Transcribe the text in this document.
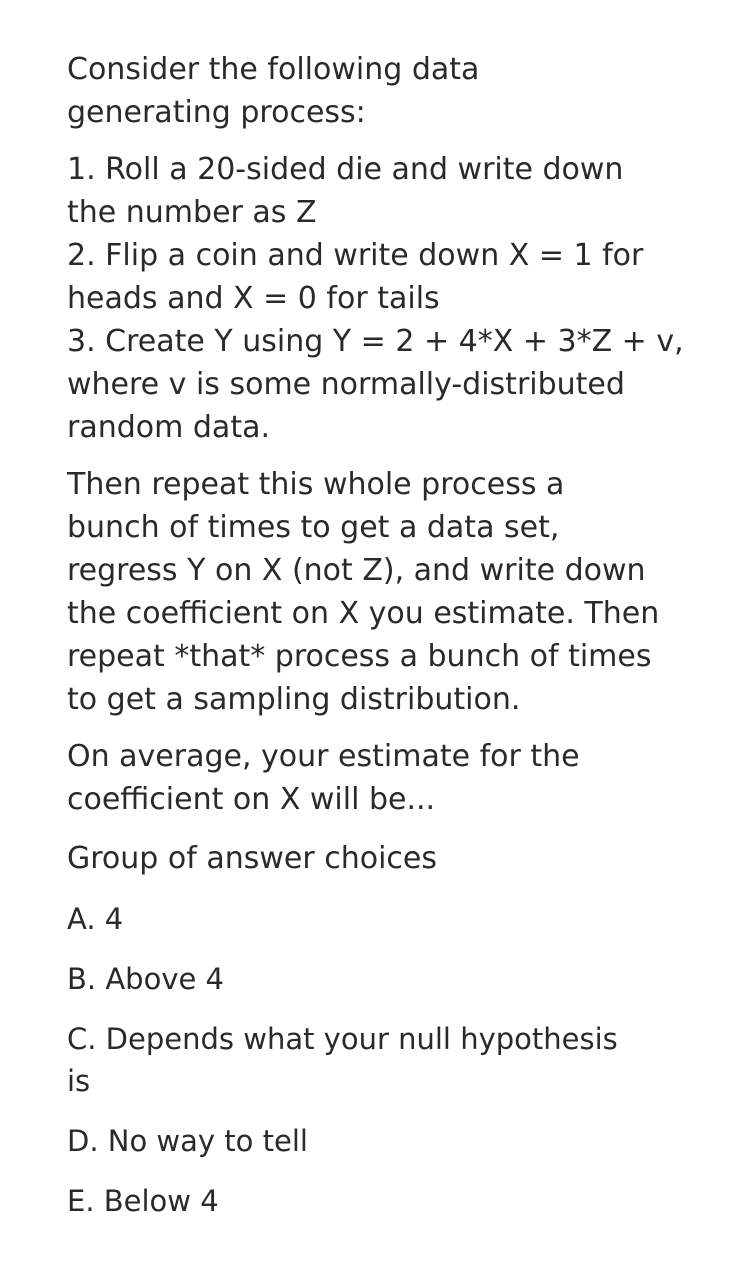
Consider the following data
generating process:

1. Roll a 20-sided die and write down
the number as Z
2. Flip a coin and write down X = 1 for
heads and X = 0 for tails
3. Create Y using Y = 2 + 4*X + 3*Z + v,
where v is some normally-distributed
random data.

Then repeat this whole process a
bunch of times to get a data set,
regress Y on X (not Z), and write down
the coefficient on X you estimate. Then
repeat *that* process a bunch of times
to get a sampling distribution.

On average, your estimate for the
coefficient on X will be...

Group of answer choices

A. 4
B. Above 4
C. Depends what your null hypothesis
is
D. No way to tell
E. Below 4
